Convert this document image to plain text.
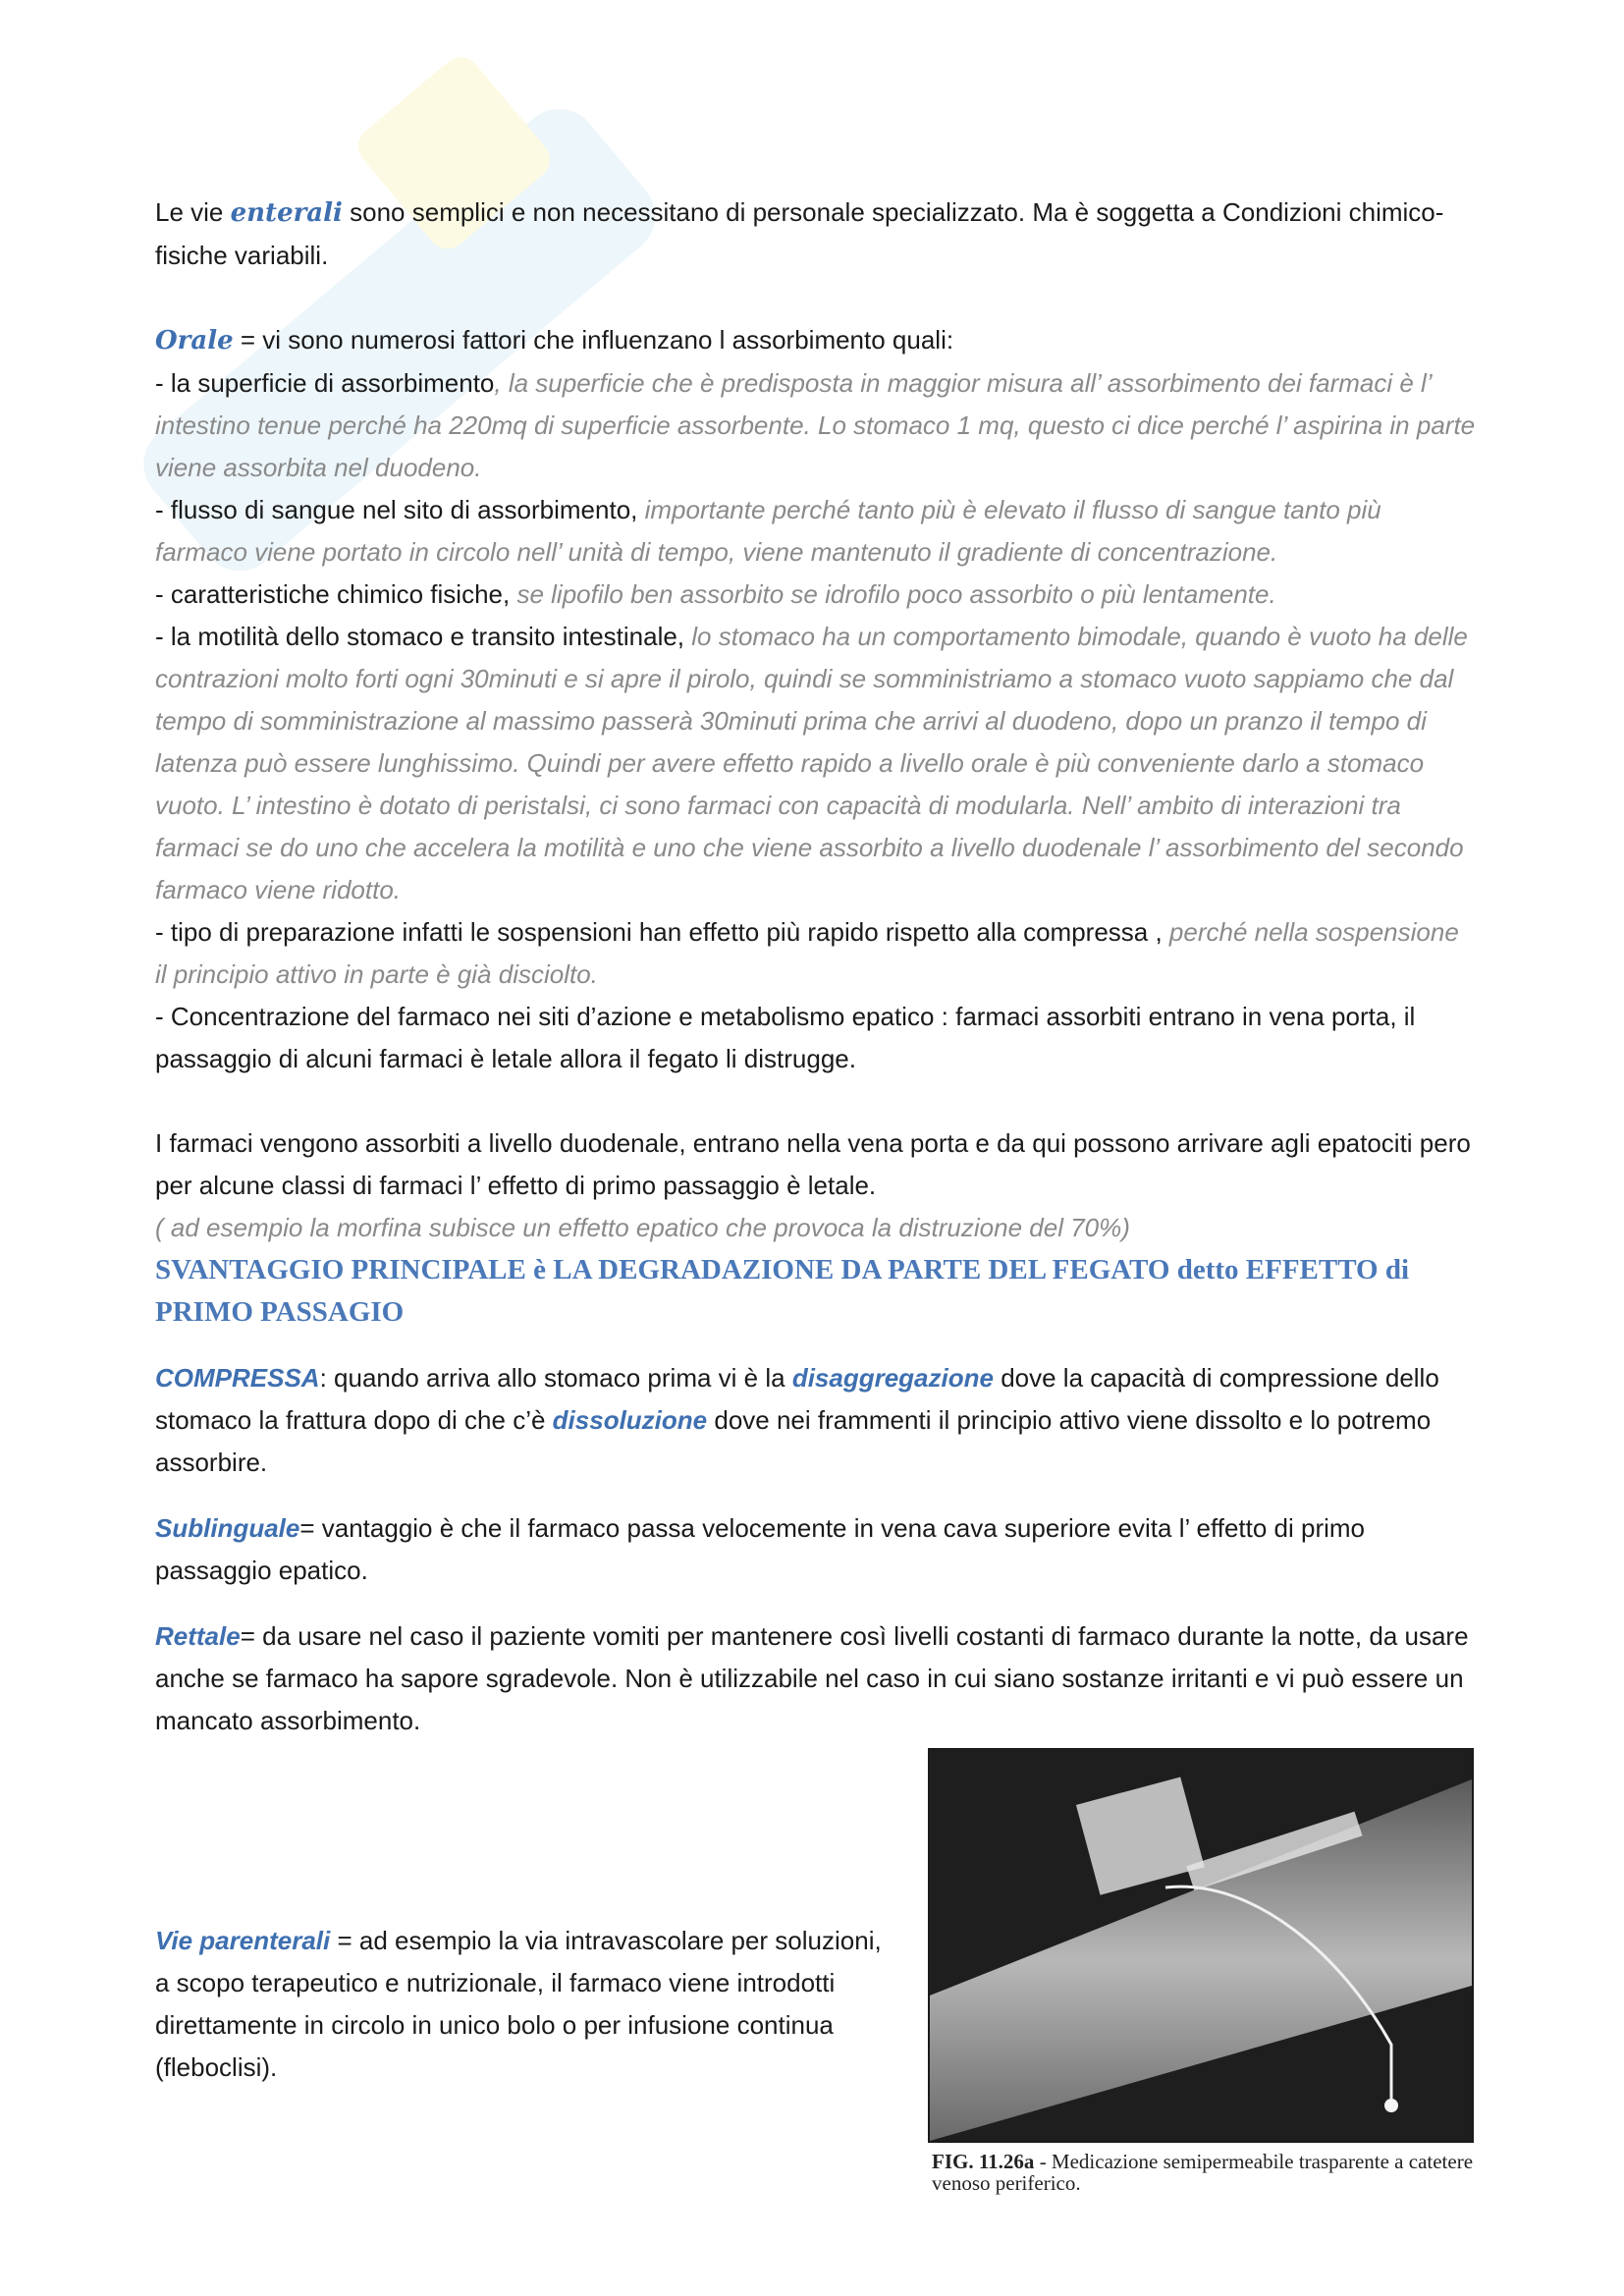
Le vie enterali sono semplici e non necessitano di personale specializzato. Ma è soggetta a Condizioni chimico-fisiche variabili.

Orale = vi sono numerosi fattori che influenzano l assorbimento quali:

- la superficie di assorbimento, la superficie che è predisposta in maggior misura all’ assorbimento dei farmaci è l’ intestino tenue perché ha 220mq di superficie assorbente. Lo stomaco 1 mq, questo ci dice perché l’ aspirina in parte viene assorbita nel duodeno.

- flusso di sangue nel sito di assorbimento, importante perché tanto più è elevato il flusso di sangue tanto più farmaco viene portato in circolo nell’ unità di tempo, viene mantenuto il gradiente di concentrazione.

- caratteristiche chimico fisiche, se lipofilo ben assorbito se idrofilo poco assorbito o più lentamente.

- la motilità dello stomaco e transito intestinale, lo stomaco ha un comportamento bimodale, quando è vuoto ha delle contrazioni molto forti ogni 30minuti e si apre il pirolo, quindi se somministriamo a stomaco vuoto sappiamo che dal tempo di somministrazione al massimo passerà 30minuti prima che arrivi al duodeno, dopo un pranzo il tempo di latenza può essere lunghissimo. Quindi per avere effetto rapido a livello orale è più conveniente darlo a stomaco vuoto. L’ intestino è dotato di peristalsi, ci sono farmaci con capacità di modularla. Nell’ ambito di interazioni tra farmaci se do uno che accelera la motilità e uno che viene assorbito a livello duodenale l’ assorbimento del secondo farmaco viene ridotto.

- tipo di preparazione infatti le sospensioni han effetto più rapido rispetto alla compressa , perché nella sospensione il principio attivo in parte è già disciolto.

- Concentrazione del farmaco nei siti d’azione e metabolismo epatico : farmaci assorbiti entrano in vena porta, il passaggio di alcuni farmaci è letale allora il fegato li distrugge.

I farmaci vengono assorbiti a livello duodenale, entrano nella vena porta e da qui possono arrivare agli epatociti pero per alcune classi di farmaci l’ effetto di primo passaggio è letale.

( ad esempio la morfina subisce un effetto epatico che provoca la distruzione del 70%)

SVANTAGGIO PRINCIPALE è LA DEGRADAZIONE DA PARTE DEL FEGATO detto EFFETTO di PRIMO PASSAGIO

COMPRESSA: quando arriva allo stomaco prima vi è la disaggregazione dove la capacità di compressione dello stomaco la frattura dopo di che c’è dissoluzione dove nei frammenti il principio attivo viene dissolto e lo potremo assorbire.

Sublinguale= vantaggio è che il farmaco passa velocemente in vena cava superiore evita l’ effetto di primo passaggio epatico.

Rettale= da usare nel caso il paziente vomiti per mantenere così livelli costanti di farmaco durante la notte, da usare anche se farmaco ha sapore sgradevole. Non è utilizzabile nel caso in cui siano sostanze irritanti e vi può essere un mancato assorbimento.

Vie parenterali = ad esempio la via intravascolare per soluzioni, a scopo terapeutico e nutrizionale, il farmaco viene introdotti direttamente in circolo in unico bolo o per infusione continua (fleboclisi).

FIG. 11.26a - Medicazione semipermeabile trasparente a catetere venoso periferico.
